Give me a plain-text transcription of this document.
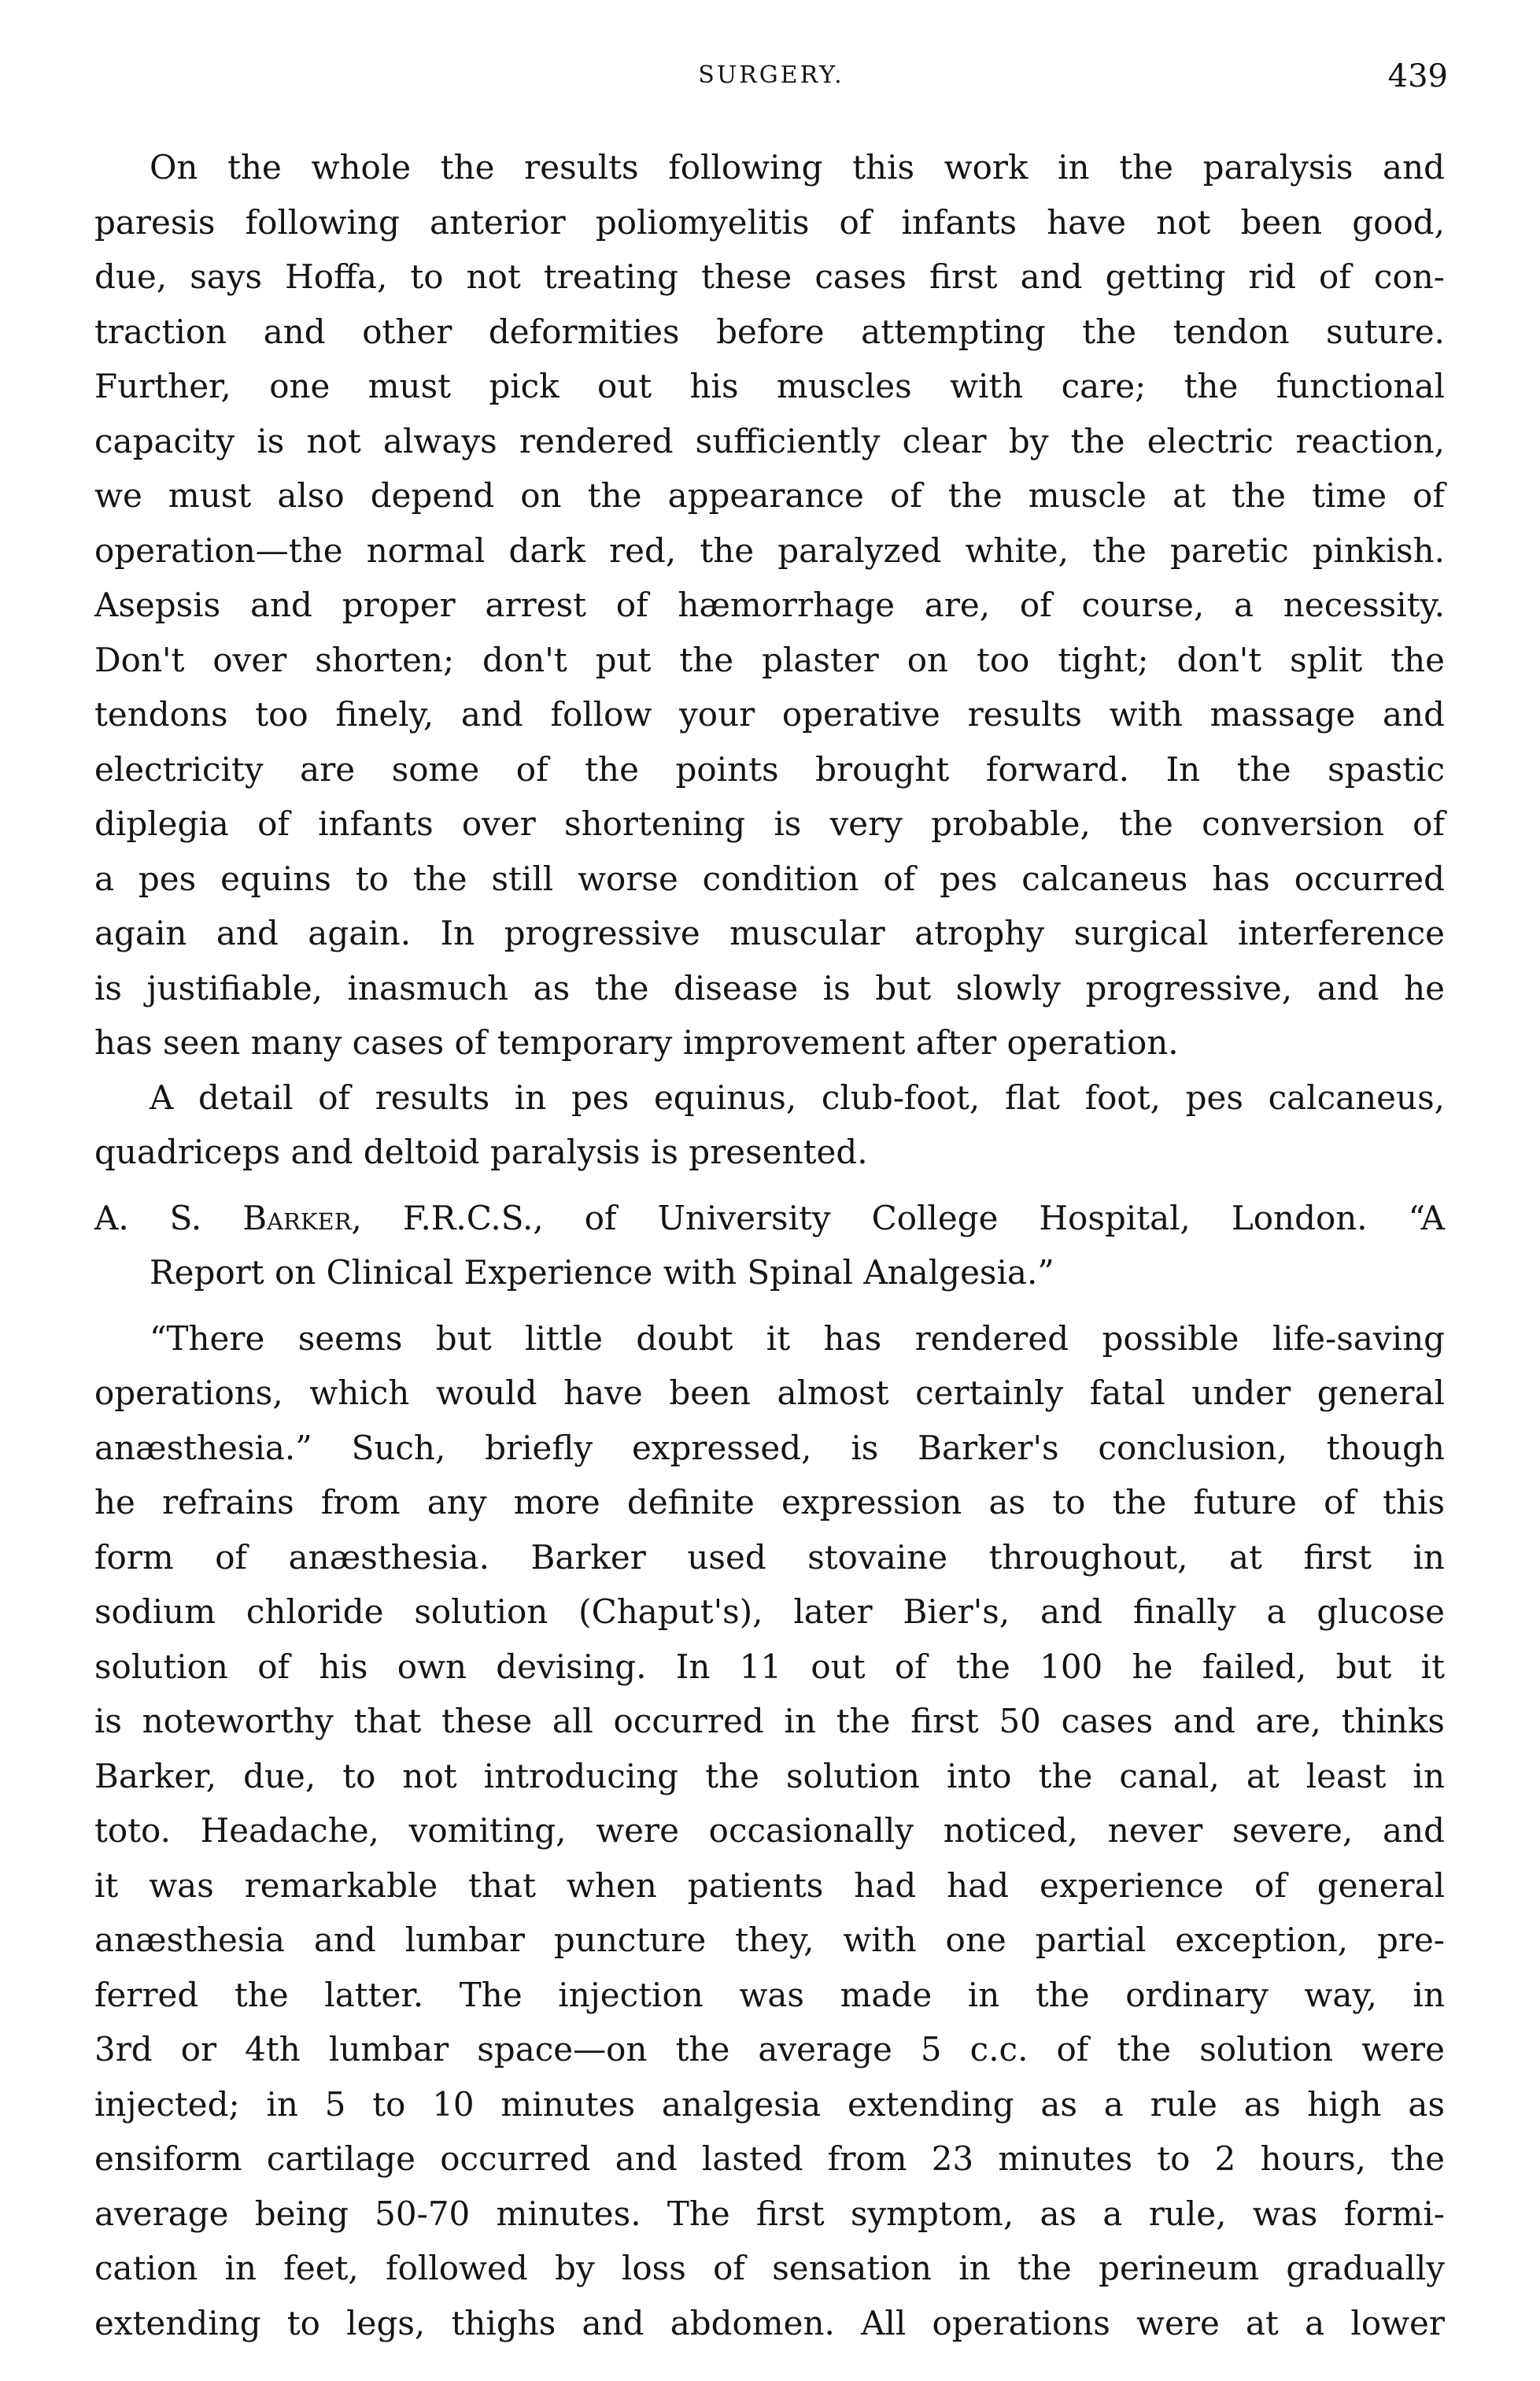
SURGERY.	439
On the whole the results following this work in the paralysis and
paresis following anterior poliomyelitis of infants have not been good,
due, says Hoffa, to not treating these cases first and getting rid of con-
traction and other deformities before attempting the tendon suture.
Further, one must pick out his muscles with care; the functional
capacity is not always rendered sufficiently clear by the electric reaction,
we must also depend on the appearance of the muscle at the time of
operation—the normal dark red, the paralyzed white, the paretic pinkish.
Asepsis and proper arrest of hæmorrhage are, of course, a necessity.
Don't over shorten; don't put the plaster on too tight; don't split the
tendons too finely, and follow your operative results with massage and
electricity are some of the points brought forward. In the spastic
diplegia of infants over shortening is very probable, the conversion of
a pes equins to the still worse condition of pes calcaneus has occurred
again and again. In progressive muscular atrophy surgical interference
is justifiable, inasmuch as the disease is but slowly progressive, and he
has seen many cases of temporary improvement after operation.
A detail of results in pes equinus, club-foot, flat foot, pes calcaneus,
quadriceps and deltoid paralysis is presented.
A. S. Barker, F.R.C.S., of University College Hospital, London. “A
Report on Clinical Experience with Spinal Analgesia.”
“There seems but little doubt it has rendered possible life-saving
operations, which would have been almost certainly fatal under general
anæsthesia.” Such, briefly expressed, is Barker's conclusion, though
he refrains from any more definite expression as to the future of this
form of anæsthesia. Barker used stovaine throughout, at first in
sodium chloride solution (Chaput's), later Bier's, and finally a glucose
solution of his own devising. In 11 out of the 100 he failed, but it
is noteworthy that these all occurred in the first 50 cases and are, thinks
Barker, due, to not introducing the solution into the canal, at least in
toto. Headache, vomiting, were occasionally noticed, never severe, and
it was remarkable that when patients had had experience of general
anæsthesia and lumbar puncture they, with one partial exception, pre-
ferred the latter. The injection was made in the ordinary way, in
3rd or 4th lumbar space—on the average 5 c.c. of the solution were
injected; in 5 to 10 minutes analgesia extending as a rule as high as
ensiform cartilage occurred and lasted from 23 minutes to 2 hours, the
average being 50-70 minutes. The first symptom, as a rule, was formi-
cation in feet, followed by loss of sensation in the perineum gradually
extending to legs, thighs and abdomen. All operations were at a lower
